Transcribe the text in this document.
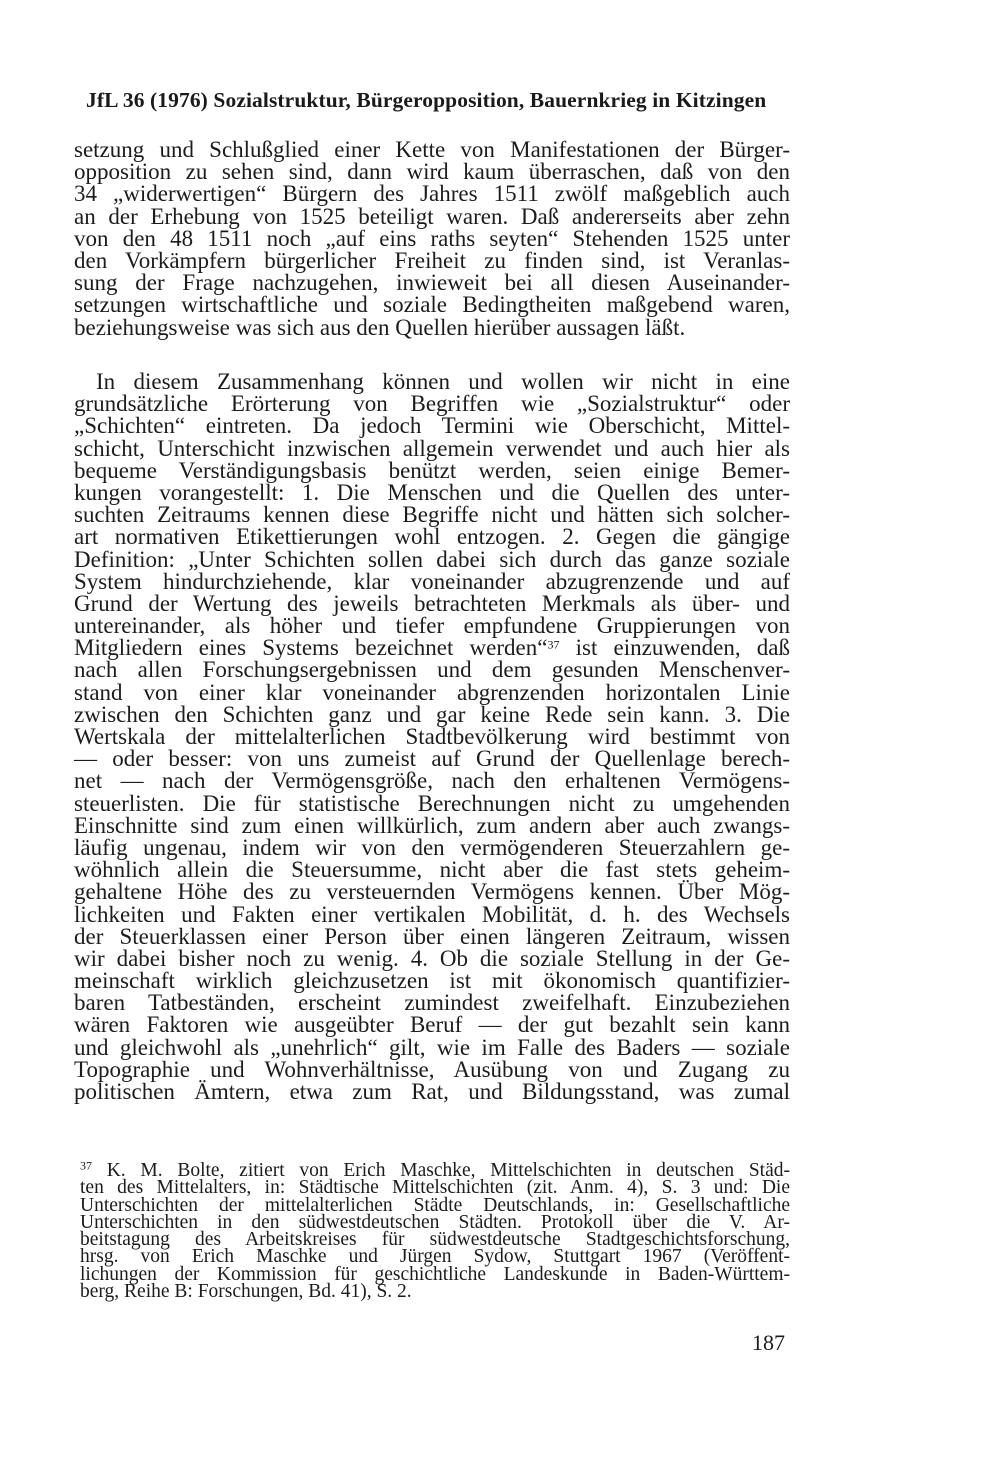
JfL 36 (1976) Sozialstruktur, Bürgeropposition, Bauernkrieg in Kitzingen
setzung und Schlußglied einer Kette von Manifestationen der Bürger-
opposition zu sehen sind, dann wird kaum überraschen, daß von den
34 „widerwertigen“ Bürgern des Jahres 1511 zwölf maßgeblich auch
an der Erhebung von 1525 beteiligt waren. Daß andererseits aber zehn
von den 48 1511 noch „auf eins raths seyten“ Stehenden 1525 unter
den Vorkämpfern bürgerlicher Freiheit zu finden sind, ist Veranlas-
sung der Frage nachzugehen, inwieweit bei all diesen Auseinander-
setzungen wirtschaftliche und soziale Bedingtheiten maßgebend waren,
beziehungsweise was sich aus den Quellen hierüber aussagen läßt.
In diesem Zusammenhang können und wollen wir nicht in eine
grundsätzliche Erörterung von Begriffen wie „Sozialstruktur“ oder
„Schichten“ eintreten. Da jedoch Termini wie Oberschicht, Mittel-
schicht, Unterschicht inzwischen allgemein verwendet und auch hier als
bequeme Verständigungsbasis benützt werden, seien einige Bemer-
kungen vorangestellt: 1. Die Menschen und die Quellen des unter-
suchten Zeitraums kennen diese Begriffe nicht und hätten sich solcher-
art normativen Etikettierungen wohl entzogen. 2. Gegen die gängige
Definition: „Unter Schichten sollen dabei sich durch das ganze soziale
System hindurchziehende, klar voneinander abzugrenzende und auf
Grund der Wertung des jeweils betrachteten Merkmals als über- und
untereinander, als höher und tiefer empfundene Gruppierungen von
Mitgliedern eines Systems bezeichnet werden“$^{37}$ ist einzuwenden, daß
nach allen Forschungsergebnissen und dem gesunden Menschenver-
stand von einer klar voneinander abgrenzenden horizontalen Linie
zwischen den Schichten ganz und gar keine Rede sein kann. 3. Die
Wertskala der mittelalterlichen Stadtbevölkerung wird bestimmt von
— oder besser: von uns zumeist auf Grund der Quellenlage berech-
net — nach der Vermögensgröße, nach den erhaltenen Vermögens-
steuerlisten. Die für statistische Berechnungen nicht zu umgehenden
Einschnitte sind zum einen willkürlich, zum andern aber auch zwangs-
läufig ungenau, indem wir von den vermögenderen Steuerzahlern ge-
wöhnlich allein die Steuersumme, nicht aber die fast stets geheim-
gehaltene Höhe des zu versteuernden Vermögens kennen. Über Mög-
lichkeiten und Fakten einer vertikalen Mobilität, d. h. des Wechsels
der Steuerklassen einer Person über einen längeren Zeitraum, wissen
wir dabei bisher noch zu wenig. 4. Ob die soziale Stellung in der Ge-
meinschaft wirklich gleichzusetzen ist mit ökonomisch quantifizier-
baren Tatbeständen, erscheint zumindest zweifelhaft. Einzubeziehen
wären Faktoren wie ausgeübter Beruf — der gut bezahlt sein kann
und gleichwohl als „unehrlich“ gilt, wie im Falle des Baders — soziale
Topographie und Wohnverhältnisse, Ausübung von und Zugang zu
politischen Ämtern, etwa zum Rat, und Bildungsstand, was zumal
$^{37}$ K. M. Bolte, zitiert von Erich Maschke, Mittelschichten in deutschen Städ-
ten des Mittelalters, in: Städtische Mittelschichten (zit. Anm. 4), S. 3 und: Die
Unterschichten der mittelalterlichen Städte Deutschlands, in: Gesellschaftliche
Unterschichten in den südwestdeutschen Städten. Protokoll über die V. Ar-
beitstagung des Arbeitskreises für südwestdeutsche Stadtgeschichtsforschung,
hrsg. von Erich Maschke und Jürgen Sydow, Stuttgart 1967 (Veröffent-
lichungen der Kommission für geschichtliche Landeskunde in Baden-Württem-
berg, Reihe B: Forschungen, Bd. 41), S. 2.
187
